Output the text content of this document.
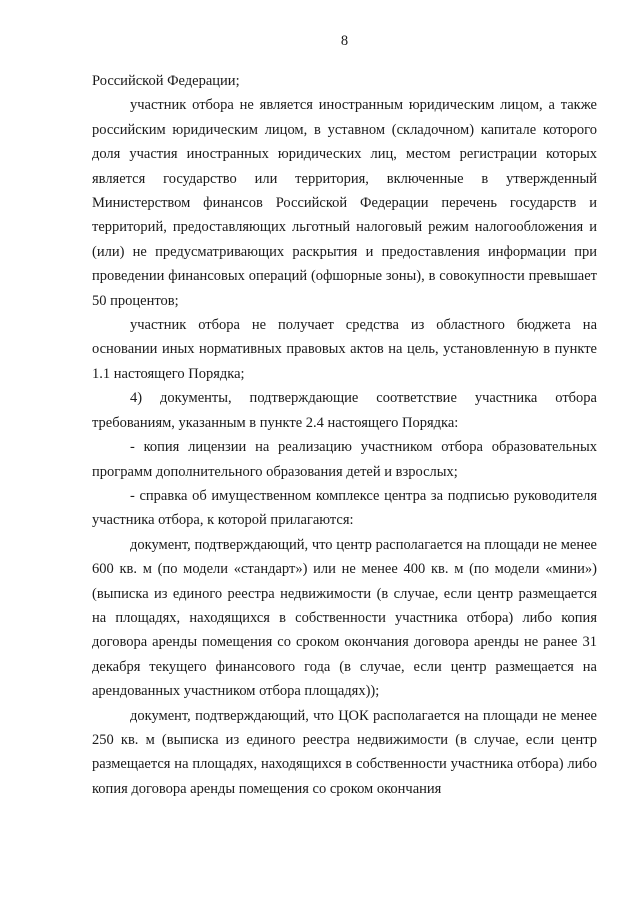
8

Российской Федерации;

участник отбора не является иностранным юридическим лицом, а также российским юридическим лицом, в уставном (складочном) капитале которого доля участия иностранных юридических лиц, местом регистрации которых является государство или территория, включенные в утвержденный Министерством финансов Российской Федерации перечень государств и территорий, предоставляющих льготный налоговый режим налогообложения и (или) не предусматривающих раскрытия и предоставления информации при проведении финансовых операций (офшорные зоны), в совокупности превышает 50 процентов;

участник отбора не получает средства из областного бюджета на основании иных нормативных правовых актов на цель, установленную в пункте 1.1 настоящего Порядка;

4) документы, подтверждающие соответствие участника отбора требованиям, указанным в пункте 2.4 настоящего Порядка:

- копия лицензии на реализацию участником отбора образовательных программ дополнительного образования детей и взрослых;

- справка об имущественном комплексе центра за подписью руководителя участника отбора, к которой прилагаются:

документ, подтверждающий, что центр располагается на площади не менее 600 кв. м (по модели «стандарт») или не менее 400 кв. м (по модели «мини») (выписка из единого реестра недвижимости (в случае, если центр размещается на площадях, находящихся в собственности участника отбора) либо копия договора аренды помещения со сроком окончания договора аренды не ранее 31 декабря текущего финансового года (в случае, если центр размещается на арендованных участником отбора площадях));

документ, подтверждающий, что ЦОК располагается на площади не менее 250 кв. м (выписка из единого реестра недвижимости (в случае, если центр размещается на площадях, находящихся в собственности участника отбора) либо копия договора аренды помещения со сроком окончания
